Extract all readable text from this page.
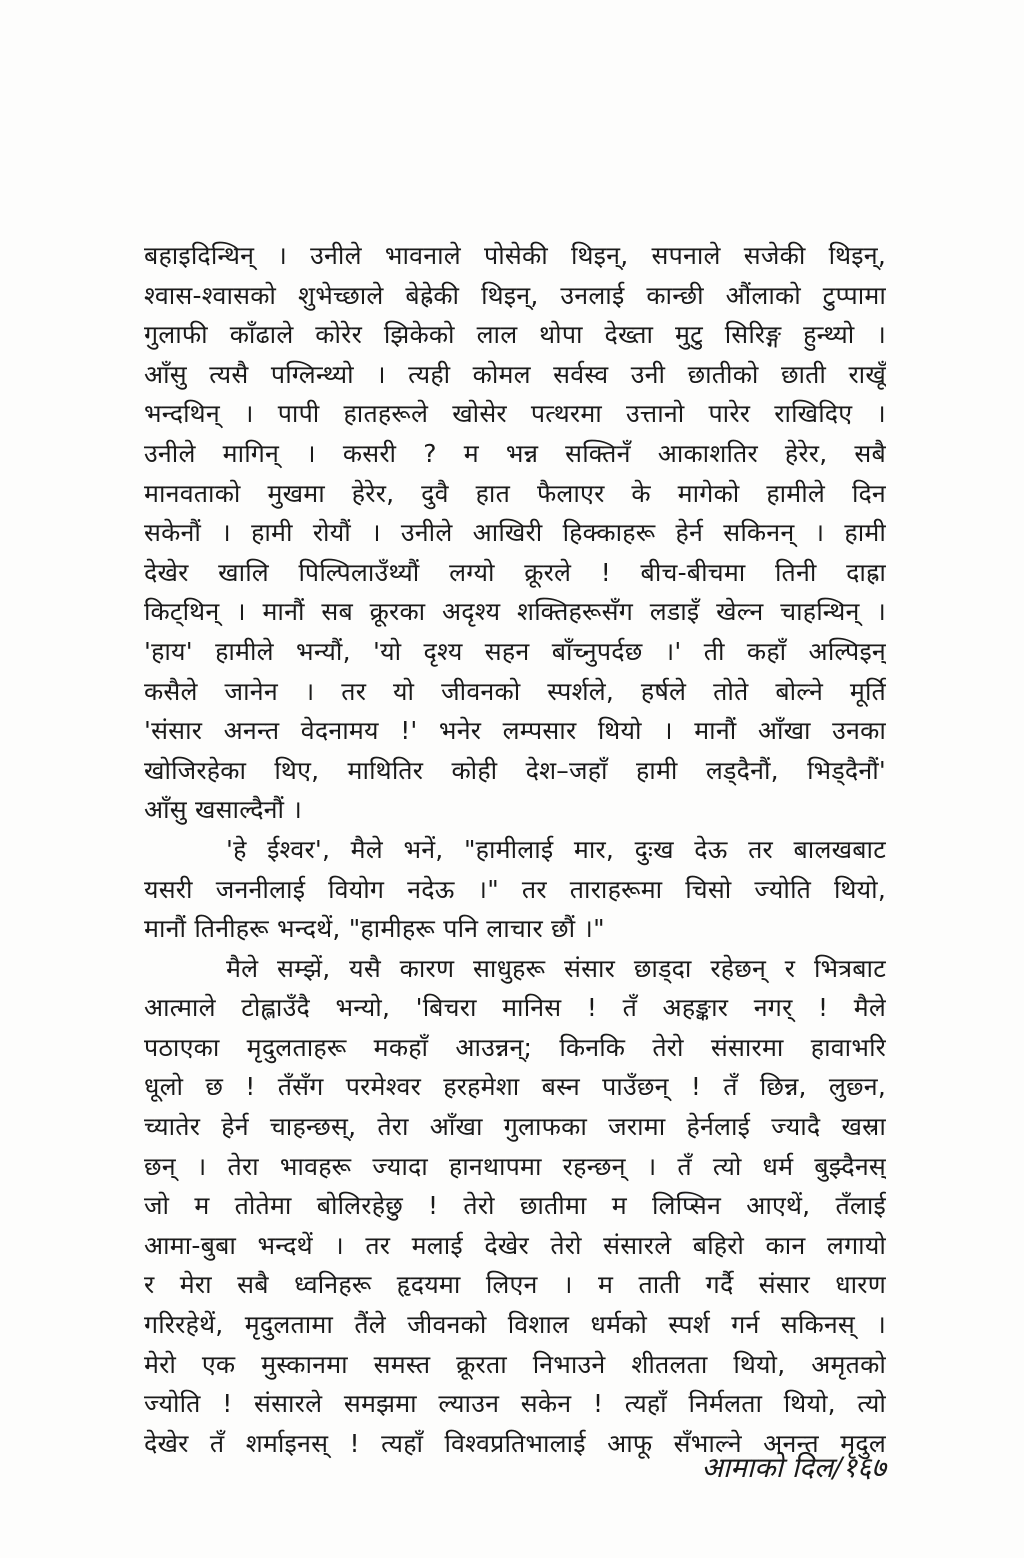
बहाइदिन्थिन् । उनीले भावनाले पोसेकी थिइन्, सपनाले सजेकी थिइन्,
श्वास-श्वासको शुभेच्छाले बेह्रेकी थिइन्, उनलाई कान्छी औंलाको टुप्पामा
गुलाफी काँढाले कोरेर झिकेको लाल थोपा देख्ता मुटु सिरिङ्ग हुन्थ्यो ।
आँसु त्यसै पग्लिन्थ्यो । त्यही कोमल सर्वस्व उनी छातीको छाती राखूँ
भन्दथिन् । पापी हातहरूले खोसेर पत्थरमा उत्तानो पारेर राखिदिए ।
उनीले मागिन् । कसरी ? म भन्न सक्तिनँ आकाशतिर हेरेर, सबै
मानवताको मुखमा हेरेर, दुवै हात फैलाएर के मागेको हामीले दिन
सकेनौं । हामी रोयौं । उनीले आखिरी हिक्काहरू हेर्न सकिनन् । हामी
देखेर खालि पिल्पिलाउँथ्यौं लग्यो क्रूरले ! बीच-बीचमा तिनी दाह्रा
किट्थिन् । मानौं सब क्रूरका अदृश्य शक्तिहरूसँग लडाइँ खेल्न चाहन्थिन् ।
'हाय' हामीले भन्यौं, 'यो दृश्य सहन बाँच्नुपर्दछ ।' ती कहाँ अल्पिइन्
कसैले जानेन । तर यो जीवनको स्पर्शले, हर्षले तोते बोल्ने मूर्ति
'संसार अनन्त वेदनामय !' भनेर लम्पसार थियो । मानौं आँखा उनका
खोजिरहेका थिए, माथितिर कोही देश–जहाँ हामी लड्दैनौं, भिड्दैनौं'
आँसु खसाल्दैनौं ।
'हे ईश्वर', मैले भनें, "हामीलाई मार, दुःख देऊ तर बालखबाट
यसरी जननीलाई वियोग नदेऊ ।" तर ताराहरूमा चिसो ज्योति थियो,
मानौं तिनीहरू भन्दथें, "हामीहरू पनि लाचार छौं ।"
मैले सम्झें, यसै कारण साधुहरू संसार छाड्दा रहेछन् र भित्रबाट
आत्माले टोह्लाउँदै भन्यो, 'बिचरा मानिस ! तँ अहङ्कार नगर् ! मैले
पठाएका मृदुलताहरू मकहाँ आउन्नन्; किनकि तेरो संसारमा हावाभरि
धूलो छ ! तँसँग परमेश्वर हरहमेशा बस्न पाउँछन् ! तँ छिन्न, लुछ्न,
च्यातेर हेर्न चाहन्छस्, तेरा आँखा गुलाफका जरामा हेर्नलाई ज्यादै खस्रा
छन् । तेरा भावहरू ज्यादा हानथापमा रहन्छन् । तँ त्यो धर्म बुझ्दैनस्
जो म तोतेमा बोलिरहेछु ! तेरो छातीमा म लिप्सिन आएथें, तँलाई
आमा-बुबा भन्दथें । तर मलाई देखेर तेरो संसारले बहिरो कान लगायो
र मेरा सबै ध्वनिहरू हृदयमा लिएन । म ताती गर्दै संसार धारण
गरिरहेथें, मृदुलतामा तैंले जीवनको विशाल धर्मको स्पर्श गर्न सकिनस् ।
मेरो एक मुस्कानमा समस्त क्रूरता निभाउने शीतलता थियो, अमृतको
ज्योति ! संसारले समझमा ल्याउन सकेन ! त्यहाँ निर्मलता थियो, त्यो
देखेर तँ शर्माइनस् ! त्यहाँ विश्वप्रतिभालाई आफू सँभाल्ने अनन्त मृदुल
आमाको दिल/१६७
